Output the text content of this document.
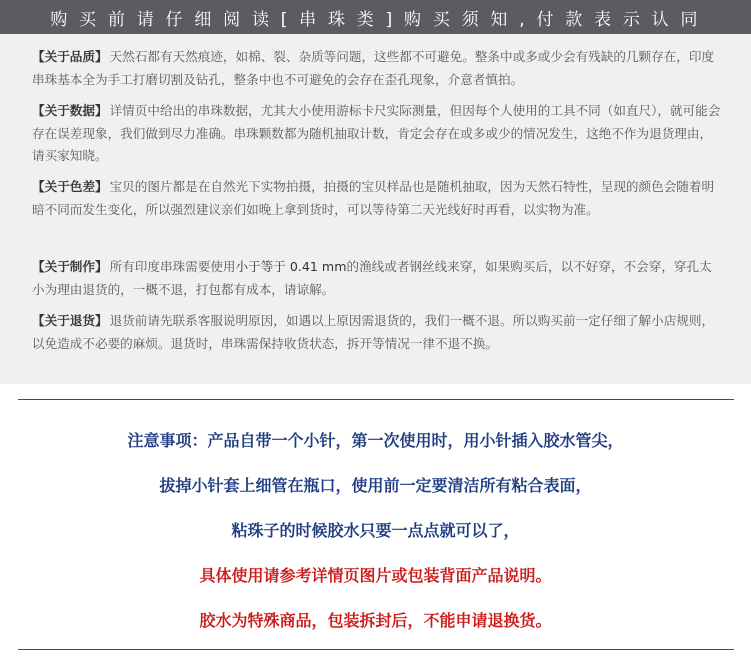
购 买 前 请 仔 细 阅 读 [ 串 珠 类 ] 购 买 须 知 , 付 款 表 示 认 同

【关于品质】 天然石都有天然痕迹，如棉、裂、杂质等问题，这些都不可避免。整条中或多或少会有残缺的几颗存在，印度串珠基本全为手工打磨切割及钻孔，整条中也不可避免的会存在歪孔现象，介意者慎拍。

【关于数据】 详情页中给出的串珠数据，尤其大小使用游标卡尺实际测量，但因每个人使用的工具不同（如直尺），就可能会存在误差现象，我们做到尽力准确。串珠颗数都为随机抽取计数，肯定会存在或多或少的情况发生，这绝不作为退货理由，请买家知晓。

【关于色差】 宝贝的图片都是在自然光下实物拍摄，拍摄的宝贝样品也是随机抽取，因为天然石特性，呈现的颜色会随着明暗不同而发生变化，所以强烈建议亲们如晚上拿到货时，可以等待第二天光线好时再看，以实物为准。

【关于制作】 所有印度串珠需要使用小于等于 0.41 mm的渔线或者钢丝线来穿，如果购买后，以不好穿，不会穿，穿孔太小为理由退货的，一概不退，打包都有成本，请谅解。

【关于退货】 退货前请先联系客服说明原因，如遇以上原因需退货的，我们一概不退。所以购买前一定仔细了解小店规则，以免造成不必要的麻烦。退货时，串珠需保持收货状态，拆开等情况一律不退不换。

注意事项：产品自带一个小针，第一次使用时，用小针插入胶水管尖，

拔掉小针套上细管在瓶口，使用前一定要清洁所有粘合表面，

粘珠子的时候胶水只要一点点就可以了，

具体使用请参考详情页图片或包装背面产品说明。

胶水为特殊商品，包装拆封后，不能申请退换货。
